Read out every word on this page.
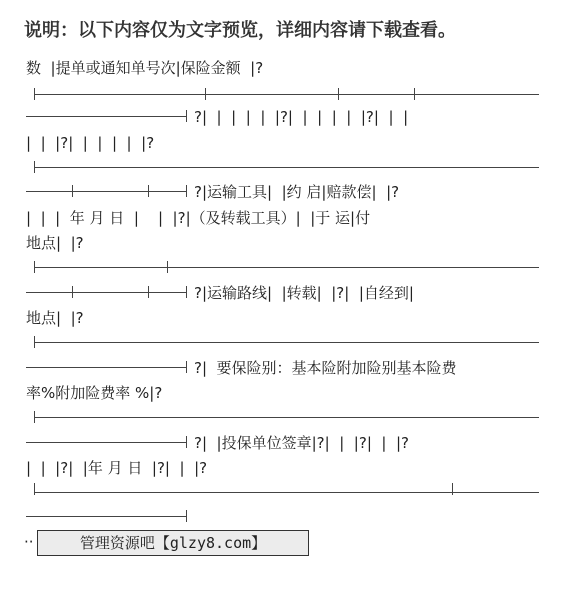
说明：以下内容仅为文字预览，详细内容请下载查看。
数  |提单或通知单号次|保险金额  |?
?|  |  |  |  |  |?|  |  |  |  |  |?|  |  |
|  |  |?|  |  |  |  |  |?
?|运输工具|  |约 启|赔款偿|  |?
|  |  |  年 月 日  |    |  |?|（及转载工具）|  |于 运|付
地点|  |?
?|运输路线|  |转载|  |?|  |自经到|
地点|  |?
?|  要保险别：基本险附加险别基本险费
率%附加险费率 %|?
?|  |投保单位签章|?|  |  |?|  |  |?
|  |  |?|  |年 月 日  |?|  |  |?
··	管理资源吧【glzy8.com】
